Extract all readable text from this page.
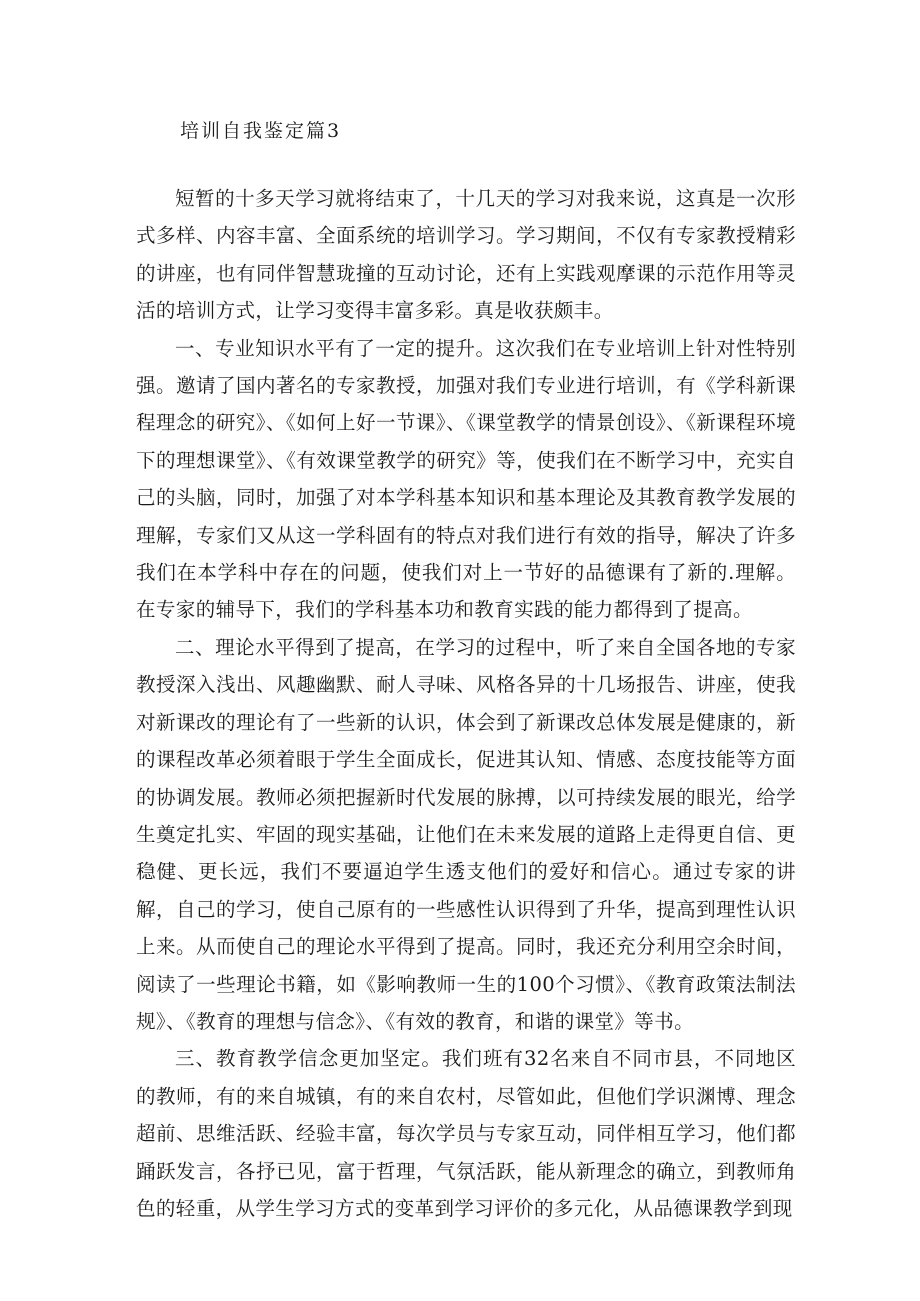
培训自我鉴定篇3

短暂的十多天学习就将结束了，十几天的学习对我来说，这真是一次形式多样、内容丰富、全面系统的培训学习。学习期间，不仅有专家教授精彩的讲座，也有同伴智慧珑撞的互动讨论，还有上实践观摩课的示范作用等灵活的培训方式，让学习变得丰富多彩。真是收获颇丰。

一、专业知识水平有了一定的提升。这次我们在专业培训上针对性特别强。邀请了国内著名的专家教授，加强对我们专业进行培训，有《学科新课程理念的研究》、《如何上好一节课》、《课堂教学的情景创设》、《新课程环境下的理想课堂》、《有效课堂教学的研究》等，使我们在不断学习中，充实自己的头脑，同时，加强了对本学科基本知识和基本理论及其教育教学发展的理解，专家们又从这一学科固有的特点对我们进行有效的指导，解决了许多我们在本学科中存在的问题，使我们对上一节好的品德课有了新的.理解。在专家的辅导下，我们的学科基本功和教育实践的能力都得到了提高。

二、理论水平得到了提高，在学习的过程中，听了来自全国各地的专家教授深入浅出、风趣幽默、耐人寻味、风格各异的十几场报告、讲座，使我对新课改的理论有了一些新的认识，体会到了新课改总体发展是健康的，新的课程改革必须着眼于学生全面成长，促进其认知、情感、态度技能等方面的协调发展。教师必须把握新时代发展的脉搏，以可持续发展的眼光，给学生奠定扎实、牢固的现实基础，让他们在未来发展的道路上走得更自信、更稳健、更长远，我们不要逼迫学生透支他们的爱好和信心。通过专家的讲解，自己的学习，使自己原有的一些感性认识得到了升华，提高到理性认识上来。从而使自己的理论水平得到了提高。同时，我还充分利用空余时间，阅读了一些理论书籍，如《影响教师一生的100个习惯》、《教育政策法制法规》、《教育的理想与信念》、《有效的教育，和谐的课堂》等书。

三、教育教学信念更加坚定。我们班有32名来自不同市县，不同地区的教师，有的来自城镇，有的来自农村，尽管如此，但他们学识渊博、理念超前、思维活跃、经验丰富，每次学员与专家互动，同伴相互学习，他们都踊跃发言，各抒已见，富于哲理，气氛活跃，能从新理念的确立，到教师角色的轻重，从学生学习方式的变革到学习评价的多元化，从品德课教学到现
